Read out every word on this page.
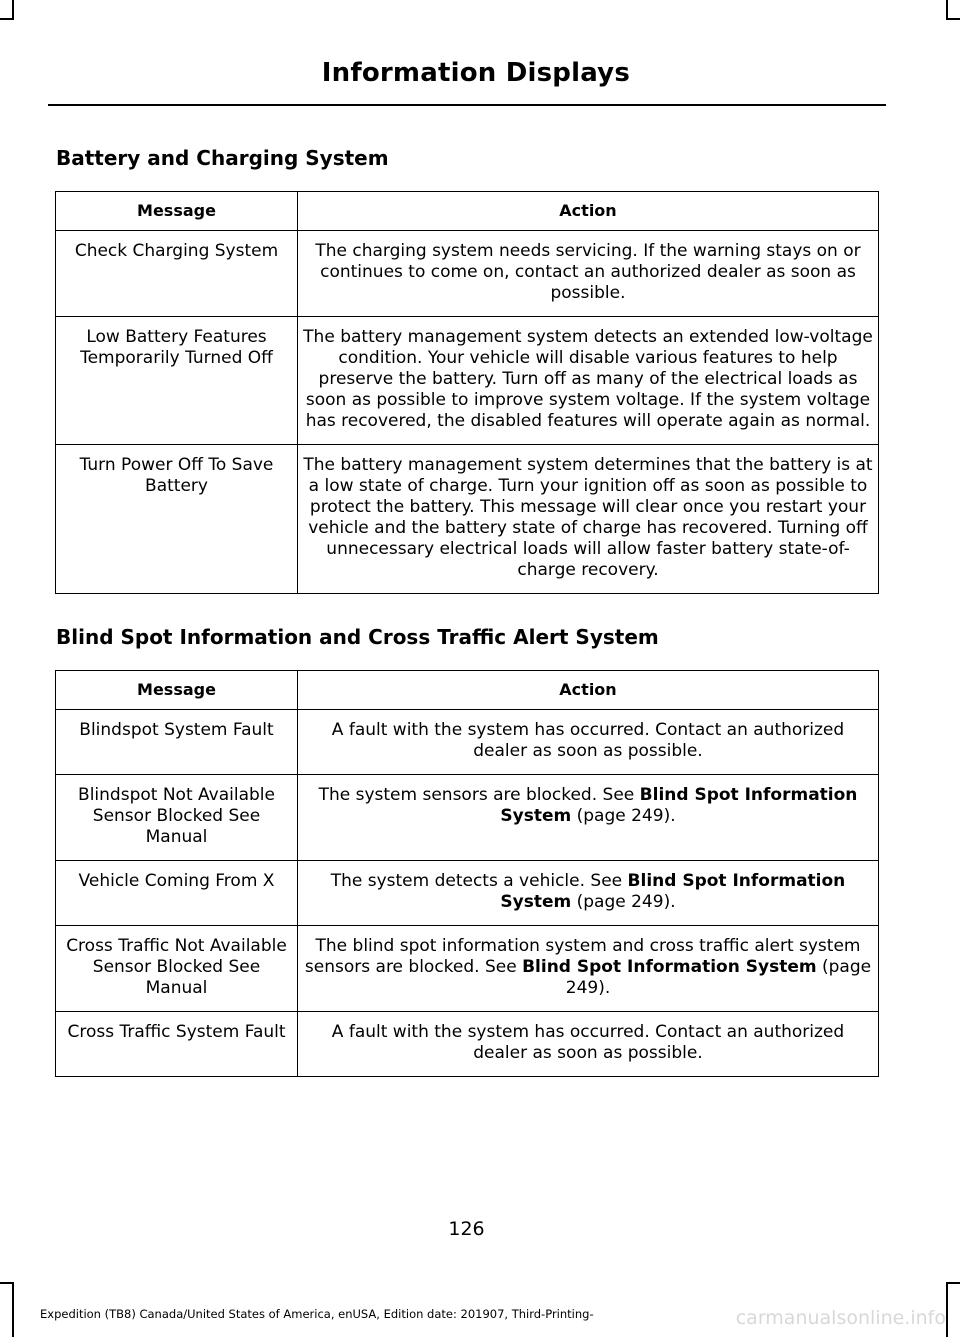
Information Displays
Battery and Charging System
Message	Action
Check Charging System	The charging system needs servicing. If the warning stays on or continues to come on, contact an authorized dealer as soon as possible.
Low Battery Features Temporarily Turned Off	The battery management system detects an extended low-voltage condition. Your vehicle will disable various features to help preserve the battery. Turn off as many of the electrical loads as soon as possible to improve system voltage. If the system voltage has recovered, the disabled features will operate again as normal.
Turn Power Off To Save Battery	The battery management system determines that the battery is at a low state of charge. Turn your ignition off as soon as possible to protect the battery. This message will clear once you restart your vehicle and the battery state of charge has recovered. Turning off unnecessary electrical loads will allow faster battery state-of-charge recovery.
Blind Spot Information and Cross Traffic Alert System
Message	Action
Blindspot System Fault	A fault with the system has occurred. Contact an authorized dealer as soon as possible.
Blindspot Not Available Sensor Blocked See Manual	The system sensors are blocked. See Blind Spot Information System (page 249).
Vehicle Coming From X	The system detects a vehicle. See Blind Spot Information System (page 249).
Cross Traffic Not Available Sensor Blocked See Manual	The blind spot information system and cross traffic alert system sensors are blocked. See Blind Spot Information System (page 249).
Cross Traffic System Fault	A fault with the system has occurred. Contact an authorized dealer as soon as possible.
126
Expedition (TB8) Canada/United States of America, enUSA, Edition date: 201907, Third-Printing-	carmanualsonline.info
